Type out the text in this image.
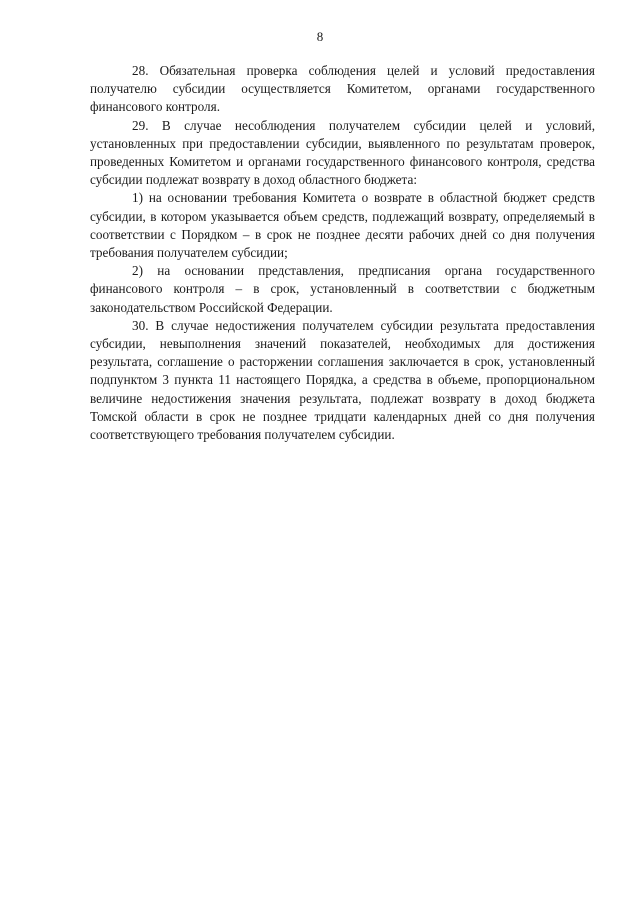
8

28. Обязательная проверка соблюдения целей и условий предоставления получателю субсидии осуществляется Комитетом, органами государственного финансового контроля.

29. В случае несоблюдения получателем субсидии целей и условий, установленных при предоставлении субсидии, выявленного по результатам проверок, проведенных Комитетом и органами государственного финансового контроля, средства субсидии подлежат возврату в доход областного бюджета:

1) на основании требования Комитета о возврате в областной бюджет средств субсидии, в котором указывается объем средств, подлежащий возврату, определяемый в соответствии с Порядком – в срок не позднее десяти рабочих дней со дня получения требования получателем субсидии;

2) на основании представления, предписания органа государственного финансового контроля – в срок, установленный в соответствии с бюджетным законодательством Российской Федерации.

30. В случае недостижения получателем субсидии результата предоставления субсидии, невыполнения значений показателей, необходимых для достижения результата, соглашение о расторжении соглашения заключается в срок, установленный подпунктом 3 пункта 11 настоящего Порядка, а средства в объеме, пропорциональном величине недостижения значения результата, подлежат возврату в доход бюджета Томской области в срок не позднее тридцати календарных дней со дня получения соответствующего требования получателем субсидии.
